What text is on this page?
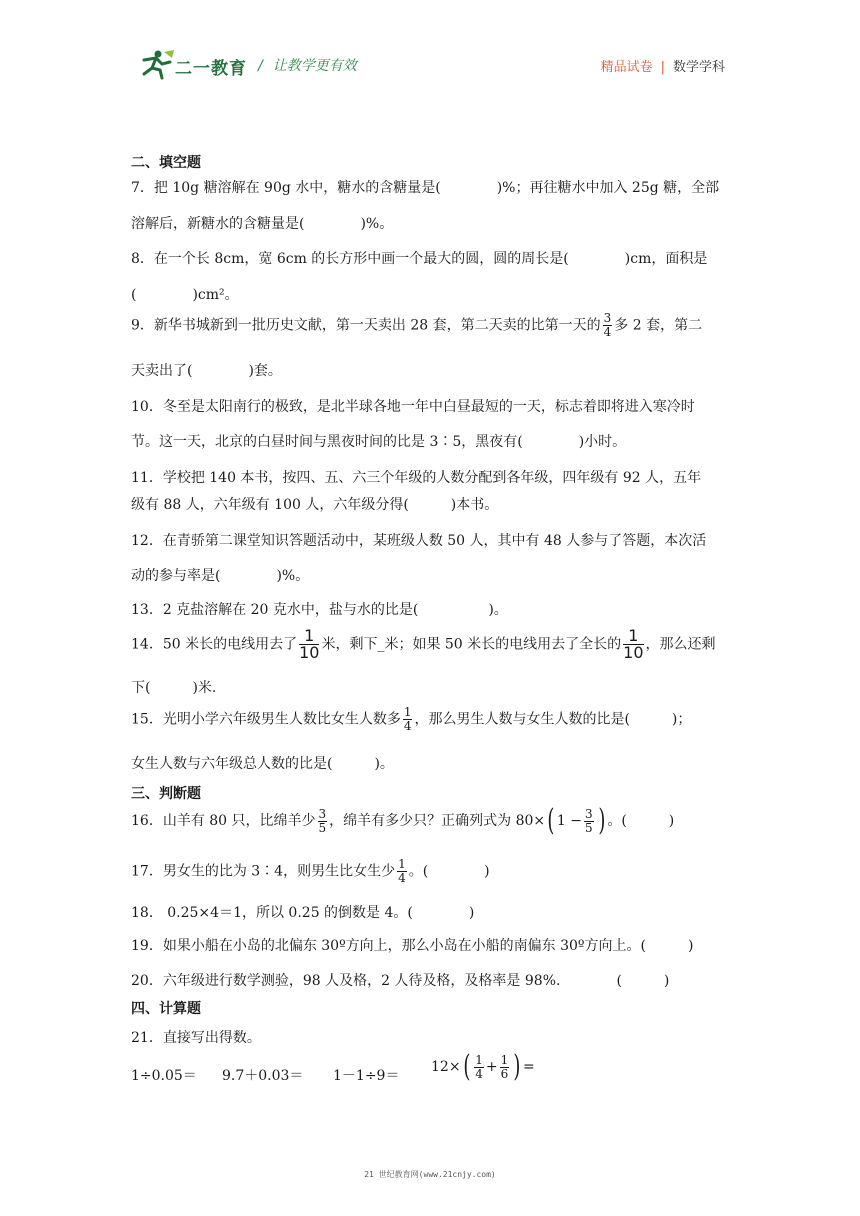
二一教育 / 让教学更有效	精品试卷 | 数学学科
二、填空题
7．把 10g 糖溶解在 90g 水中，糖水的含糖量是(　　　　)%；再往糖水中加入 25g 糖，全部
溶解后，新糖水的含糖量是(　　　　)%。
8．在一个长 8cm，宽 6cm 的长方形中画一个最大的圆，圆的周长是(　　　　)cm，面积是
(　　　　)cm²。
9．新华书城新到一批历史文献，第一天卖出 28 套，第二天卖的比第一天的 $\frac{3}{4}$ 多 2 套，第二
天卖出了(　　　　)套。
10．冬至是太阳南行的极致，是北半球各地一年中白昼最短的一天，标志着即将进入寒冷时
节。这一天，北京的白昼时间与黑夜时间的比是 3∶5，黑夜有(　　　　)小时。
11．学校把 140 本书，按四、五、六三个年级的人数分配到各年级，四年级有 92 人，五年
级有 88 人，六年级有 100 人，六年级分得(　　　)本书。
12．在青骄第二课堂知识答题活动中，某班级人数 50 人，其中有 48 人参与了答题，本次活
动的参与率是(　　　　)%。
13．2 克盐溶解在 20 克水中，盐与水的比是(　　　　　)。
14．50 米长的电线用去了 $\frac{1}{10}$ 米，剩下_米；如果 50 米长的电线用去了全长的 $\frac{1}{10}$ ，那么还剩
下(　　　)米.
15．光明小学六年级男生人数比女生人数多 $\frac{1}{4}$ ，那么男生人数与女生人数的比是(　　　)；
女生人数与六年级总人数的比是(　　　)。
三、判断题
16．山羊有 80 只，比绵羊少 $\frac{3}{5}$ ，绵羊有多少只？正确列式为 80×( $1 - \frac{3}{5}$ ) 。(　　　)
17．男女生的比为 3∶4，则男生比女生少 $\frac{1}{4}$ 。(　　　　)
18． 0.25×4＝1，所以 0.25 的倒数是 4。(　　　　)
19．如果小船在小岛的北偏东 30º方向上，那么小岛在小船的南偏东 30º方向上。(　　　)
20．六年级进行数学测验，98 人及格，2 人待及格，及格率是 98%.　　　　(　　　)
四、计算题
21．直接写出得数。
1÷0.05＝ 9.7＋0.03＝ 1－1÷9＝
$12\times( \frac{1}{4} + \frac{1}{6}$ ) =
21 世纪教育网(www.21cnjy.com)
